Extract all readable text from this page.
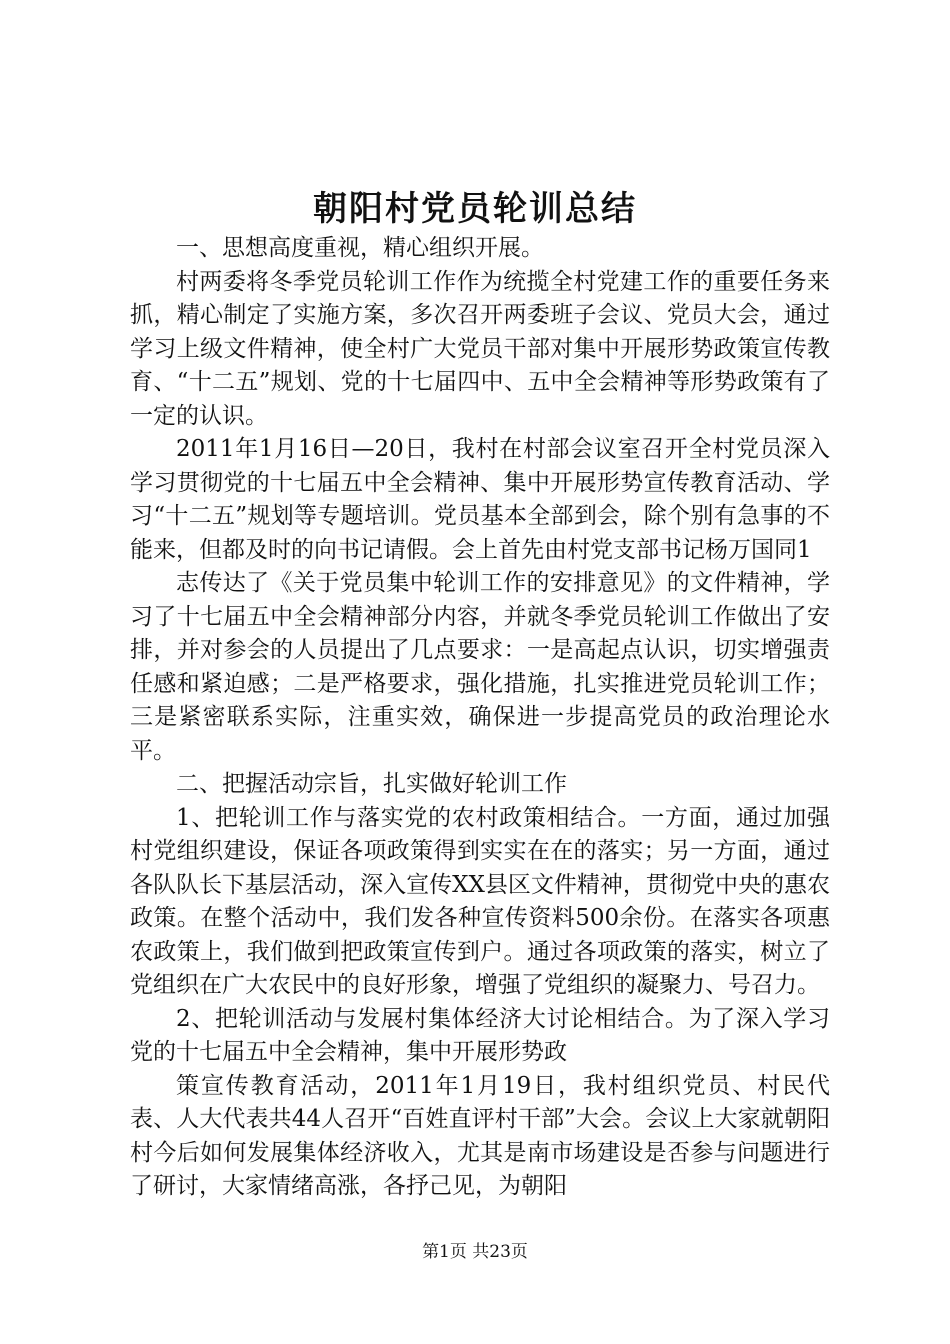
朝阳村党员轮训总结

一、思想高度重视，精心组织开展。

村两委将冬季党员轮训工作作为统揽全村党建工作的重要任务来抓，精心制定了实施方案，多次召开两委班子会议、党员大会，通过学习上级文件精神，使全村广大党员干部对集中开展形势政策宣传教育、“十二五”规划、党的十七届四中、五中全会精神等形势政策有了一定的认识。

2011年1月16日—20日，我村在村部会议室召开全村党员深入学习贯彻党的十七届五中全会精神、集中开展形势宣传教育活动、学习“十二五”规划等专题培训。党员基本全部到会，除个别有急事的不能来，但都及时的向书记请假。会上首先由村党支部书记杨万国同1

志传达了《关于党员集中轮训工作的安排意见》的文件精神，学习了十七届五中全会精神部分内容，并就冬季党员轮训工作做出了安排，并对参会的人员提出了几点要求：一是高起点认识，切实增强责任感和紧迫感；二是严格要求，强化措施，扎实推进党员轮训工作；三是紧密联系实际，注重实效，确保进一步提高党员的政治理论水平。

二、把握活动宗旨，扎实做好轮训工作

1、把轮训工作与落实党的农村政策相结合。一方面，通过加强村党组织建设，保证各项政策得到实实在在的落实；另一方面，通过各队队长下基层活动，深入宣传XX县区文件精神，贯彻党中央的惠农政策。在整个活动中，我们发各种宣传资料500余份。在落实各项惠农政策上，我们做到把政策宣传到户。通过各项政策的落实，树立了党组织在广大农民中的良好形象，增强了党组织的凝聚力、号召力。

2、把轮训活动与发展村集体经济大讨论相结合。为了深入学习党的十七届五中全会精神，集中开展形势政

策宣传教育活动，2011年1月19日，我村组织党员、村民代表、人大代表共44人召开“百姓直评村干部”大会。会议上大家就朝阳村今后如何发展集体经济收入，尤其是南市场建设是否参与问题进行了研讨，大家情绪高涨，各抒己见，为朝阳

第1页 共23页
